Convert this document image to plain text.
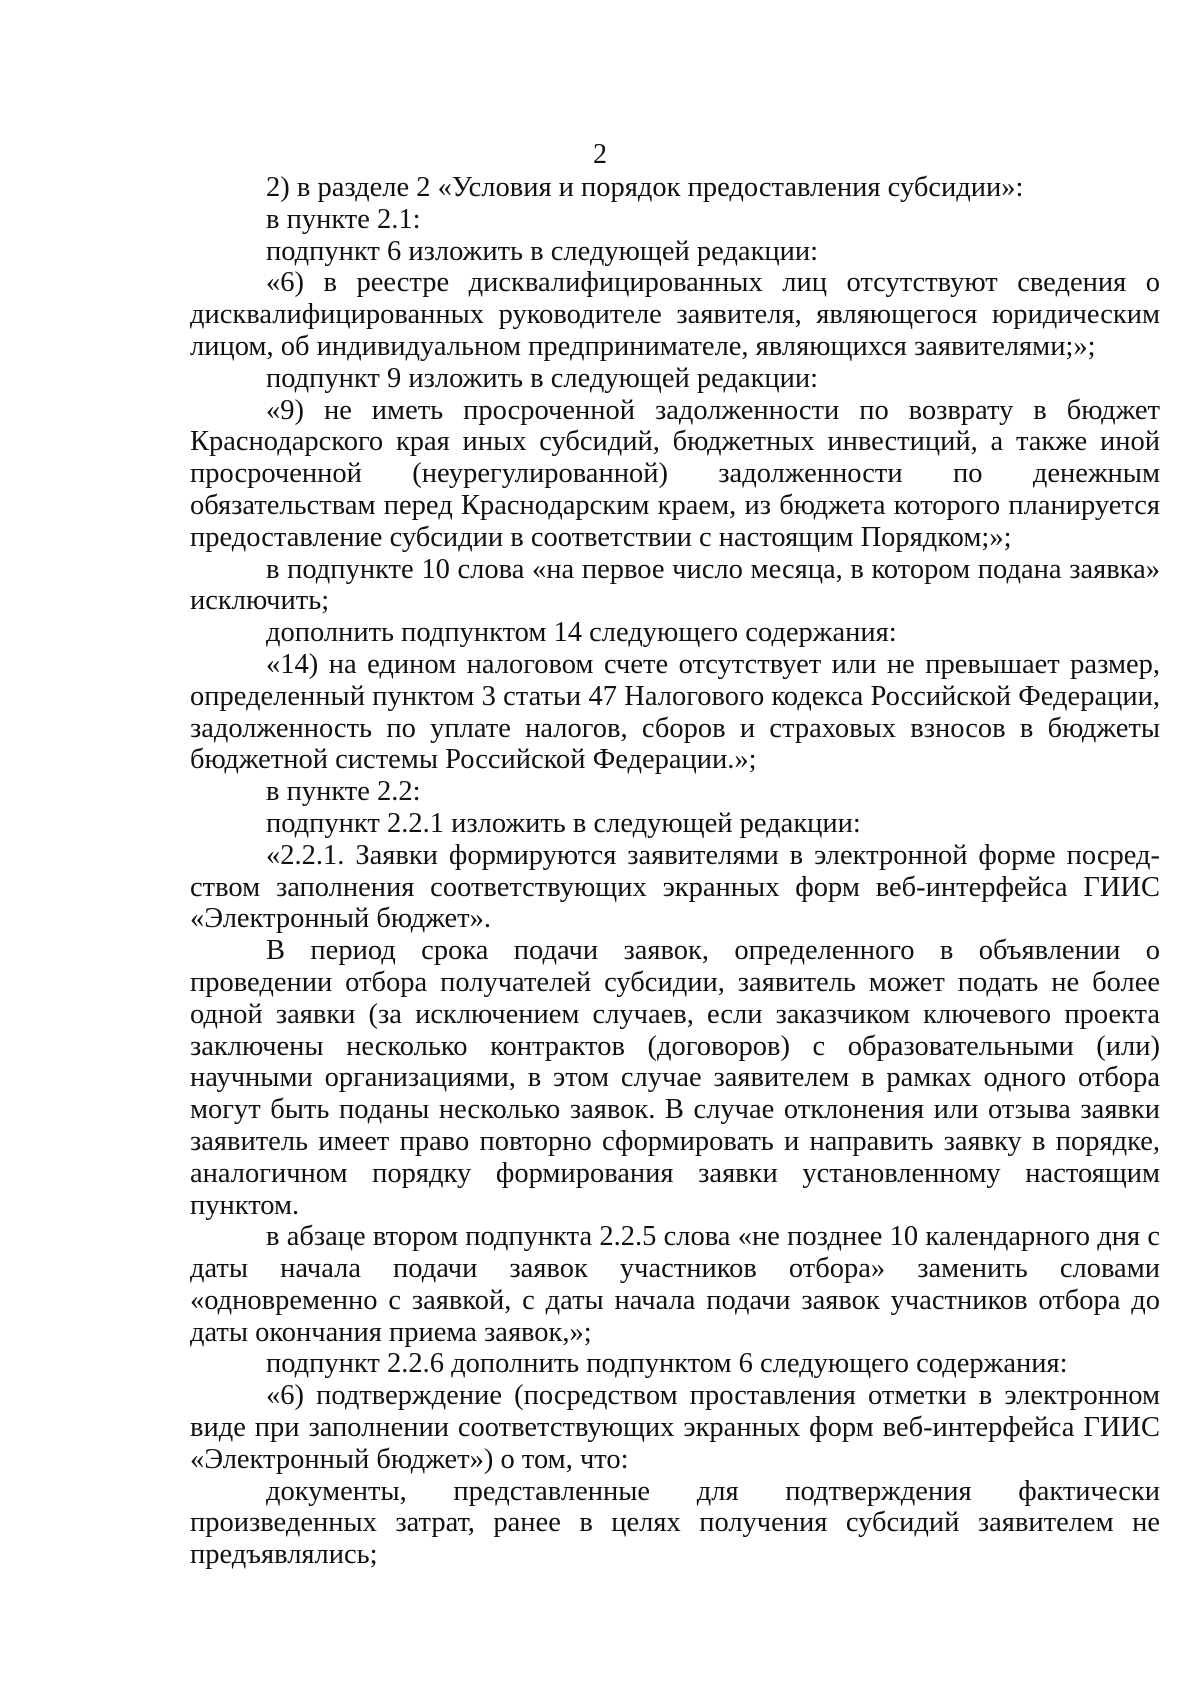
2

2) в разделе 2 «Условия и порядок предоставления субсидии»:

в пункте 2.1:

подпункт 6 изложить в следующей редакции:

«6) в реестре дисквалифицированных лиц отсутствуют сведения о дисквалифицированных руководителе заявителя, являющегося юридическим лицом, об индивидуальном предпринимателе, являющихся заявителями;»;

подпункт 9 изложить в следующей редакции:

«9) не иметь просроченной задолженности по возврату в бюджет Краснодарского края иных субсидий, бюджетных инвестиций, а также иной просроченной (неурегулированной) задолженности по денежным обязательствам перед Краснодарским краем, из бюджета которого планируется предоставление субсидии в соответствии с настоящим Порядком;»;

в подпункте 10 слова «на первое число месяца, в котором подана заявка» исключить;

дополнить подпунктом 14 следующего содержания:

«14) на едином налоговом счете отсутствует или не превышает размер, определенный пунктом 3 статьи 47 Налогового кодекса Российской Федерации, задолженность по уплате налогов, сборов и страховых взносов в бюджеты бюджетной системы Российской Федерации.»;

в пункте 2.2:

подпункт 2.2.1 изложить в следующей редакции:

«2.2.1. Заявки формируются заявителями в электронной форме посредством заполнения соответствующих экранных форм веб-интерфейса ГИИС «Электронный бюджет».

В период срока подачи заявок, определенного в объявлении о проведении отбора получателей субсидии, заявитель может подать не более одной заявки (за исключением случаев, если заказчиком ключевого проекта заключены несколько контрактов (договоров) с образовательными (или) научными организациями, в этом случае заявителем в рамках одного отбора могут быть поданы несколько заявок. В случае отклонения или отзыва заявки заявитель имеет право повторно сформировать и направить заявку в порядке, аналогичном порядку формирования заявки установленному настоящим пунктом.

в абзаце втором подпункта 2.2.5 слова «не позднее 10 календарного дня с даты начала подачи заявок участников отбора» заменить словами «одновременно с заявкой, с даты начала подачи заявок участников отбора до даты окончания приема заявок,»;

подпункт 2.2.6 дополнить подпунктом 6 следующего содержания:

«6) подтверждение (посредством проставления отметки в электронном виде при заполнении соответствующих экранных форм веб-интерфейса ГИИС «Электронный бюджет») о том, что:

документы, представленные для подтверждения фактически произведенных затрат, ранее в целях получения субсидий заявителем не предъявлялись;
